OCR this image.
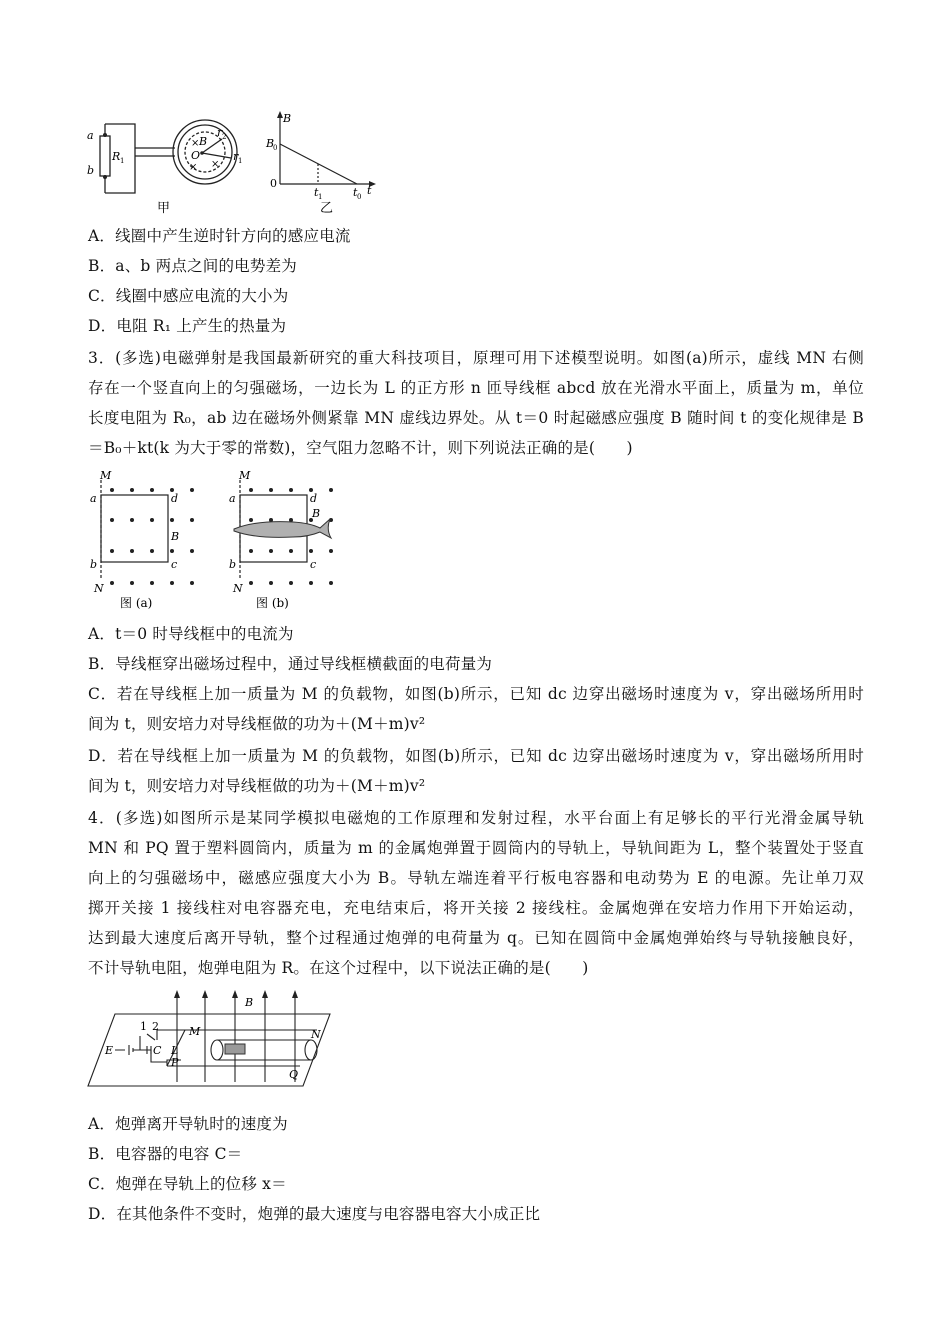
a
b
R 1
× B
O
× ×
r 2
r 1
甲
B
B
0
0
t 1	t 0 t
乙
A．线圈中产生逆时针方向的感应电流
B．a、b 两点之间的电势差为
C．线圈中感应电流的大小为
D．电阻 R₁ 上产生的热量为
3．(多选)电磁弹射是我国最新研究的重大科技项目，原理可用下述模型说明。如图(a)所示，虚线 MN 右侧
存在一个竖直向上的匀强磁场，一边长为 L 的正方形 n 匝导线框 abcd 放在光滑水平面上，质量为 m，单位
长度电阻为 R₀，ab 边在磁场外侧紧靠 MN 虚线边界处。从 t＝0 时起磁感应强度 B 随时间 t 的变化规律是 B
＝B₀＋kt(k 为大于零的常数)，空气阻力忽略不计，则下列说法正确的是(　　)
M
a	d
B
b	c
N
M
a	d
B
b	c
N
图 (a)	图 (b)
A．t＝0 时导线框中的电流为
B．导线框穿出磁场过程中，通过导线框横截面的电荷量为
C．若在导线框上加一质量为 M 的负载物，如图(b)所示，已知 dc 边穿出磁场时速度为 v，穿出磁场所用时
间为 t，则安培力对导线框做的功为＋(M＋m)v²
D．若在导线框上加一质量为 M 的负载物，如图(b)所示，已知 dc 边穿出磁场时速度为 v，穿出磁场所用时
间为 t，则安培力对导线框做的功为＋(M＋m)v²
4．(多选)如图所示是某同学模拟电磁炮的工作原理和发射过程，水平台面上有足够长的平行光滑金属导轨
MN 和 PQ 置于塑料圆筒内，质量为 m 的金属炮弹置于圆筒内的导轨上，导轨间距为 L，整个装置处于竖直
向上的匀强磁场中，磁感应强度大小为 B。导轨左端连着平行板电容器和电动势为 E 的电源。先让单刀双
掷开关接 1 接线柱对电容器充电，充电结束后，将开关接 2 接线柱。金属炮弹在安培力作用下开始运动，
达到最大速度后离开导轨，整个过程通过炮弹的电荷量为 q。已知在圆筒中金属炮弹始终与导轨接触良好，
不计导轨电阻，炮弹电阻为 R。在这个过程中，以下说法正确的是(　　)
1 2
E	C L
P
M	N
Q
B
A．炮弹离开导轨时的速度为
B．电容器的电容 C＝
C．炮弹在导轨上的位移 x＝
D．在其他条件不变时，炮弹的最大速度与电容器电容大小成正比
